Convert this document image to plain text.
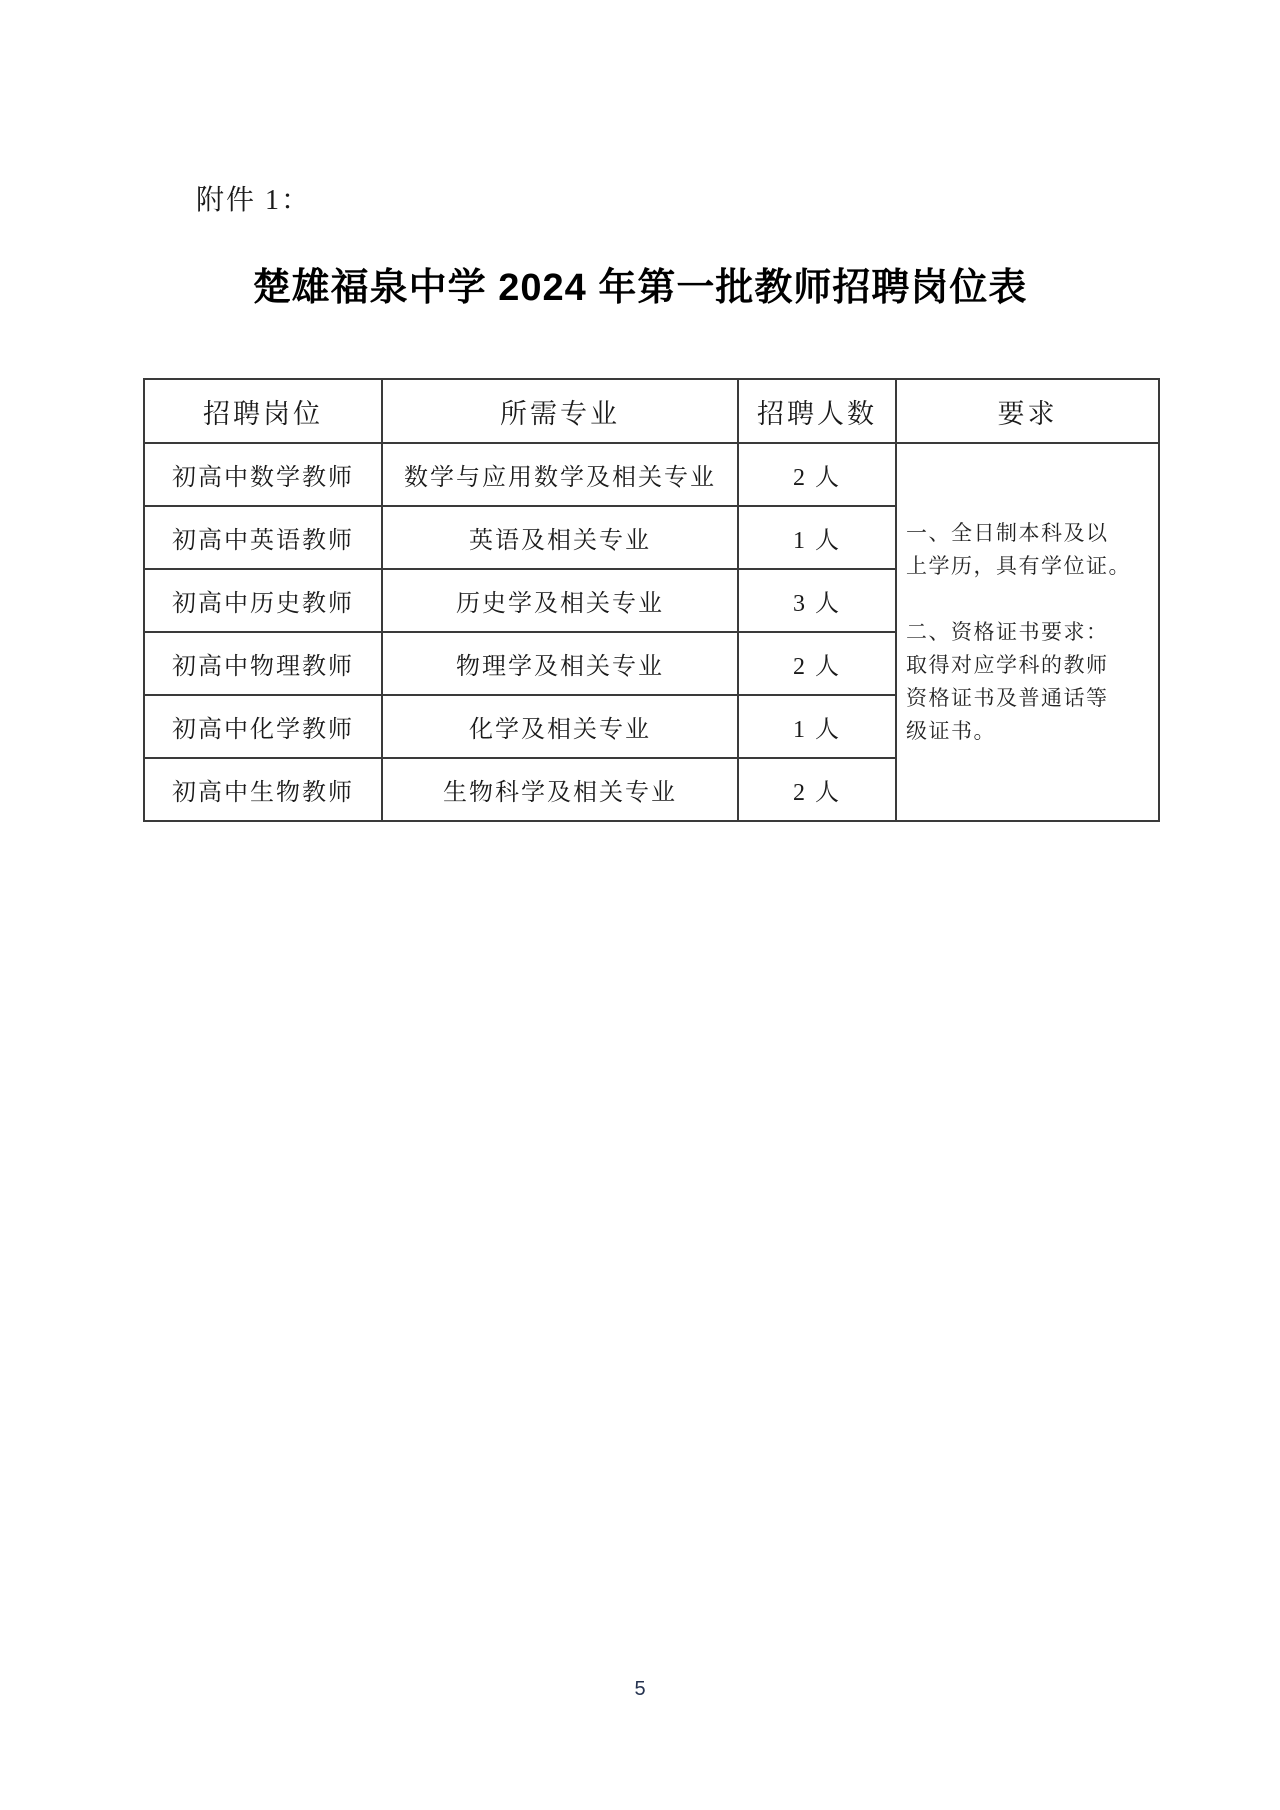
附件 1：
楚雄福泉中学 2024 年第一批教师招聘岗位表
招聘岗位	所需专业	招聘人数	要求
初高中数学教师	数学与应用数学及相关专业	2 人	
一、全日制本科及以
上学历，具有学位证。
二、资格证书要求：
取得对应学科的教师
资格证书及普通话等
级证书。

初高中英语教师	英语及相关专业	1 人	
初高中历史教师	历史学及相关专业	3 人	
初高中物理教师	物理学及相关专业	2 人	
初高中化学教师	化学及相关专业	1 人	
初高中生物教师	生物科学及相关专业	2 人	
5
